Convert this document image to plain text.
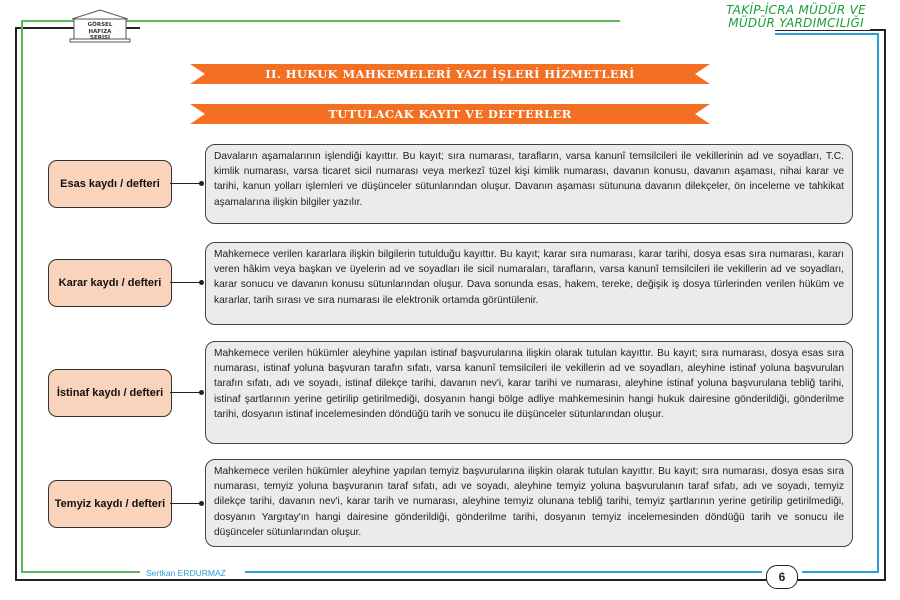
GÖRSEL
HAFIZA
SERİSİ
TAKİP-İCRA MÜDÜR VE
MÜDÜR YARDIMCILIĞI
II. HUKUK MAHKEMELERİ YAZI İŞLERİ HİZMETLERİ
TUTULACAK KAYIT VE DEFTERLER
Esas kaydı / defteri
Davaların aşamalarının işlendiği kayıttır. Bu kayıt; sıra numarası, tarafların, varsa kanunî temsilcileri ile vekillerinin ad ve soyadları, T.C. kimlik numarası, varsa ticaret sicil numarası veya merkezî tüzel kişi kimlik numarası, davanın konusu, davanın aşaması, nihai karar ve tarihi, kanun yolları işlemleri ve düşünceler sütunlarından oluşur. Davanın aşaması sütununa davanın dilekçeler, ön inceleme ve tahkikat aşamalarına ilişkin bilgiler yazılır.
Karar kaydı / defteri
Mahkemece verilen kararlara ilişkin bilgilerin tutulduğu kayıttır. Bu kayıt; karar sıra numarası, karar tarihi, dosya esas sıra numarası, kararı veren hâkim veya başkan ve üyelerin ad ve soyadları ile sicil numaraları, tarafların, varsa kanunî temsilcileri ile vekillerin ad ve soyadları, karar sonucu ve davanın konusu sütunlarından oluşur. Dava sonunda esas, hakem, tereke, değişik iş dosya türlerinden verilen hüküm ve kararlar, tarih sırası ve sıra numarası ile elektronik ortamda görüntülenir.
İstinaf kaydı / defteri
Mahkemece verilen hükümler aleyhine yapılan istinaf başvurularına ilişkin olarak tutulan kayıttır. Bu kayıt; sıra numarası, dosya esas sıra numarası, istinaf yoluna başvuran tarafın sıfatı, varsa kanunî temsilcileri ile vekillerin ad ve soyadları, aleyhine istinaf yoluna başvurulan tarafın sıfatı, adı ve soyadı, istinaf dilekçe tarihi, davanın nev'i, karar tarihi ve numarası, aleyhine istinaf yoluna başvurulana tebliğ tarihi, istinaf şartlarının yerine getirilip getirilmediği, dosyanın hangi bölge adliye mahkemesinin hangi hukuk dairesine gönderildiği, gönderilme tarihi, dosyanın istinaf incelemesinden döndüğü tarih ve sonucu ile düşünceler sütunlarından oluşur.
Temyiz kaydı / defteri
Mahkemece verilen hükümler aleyhine yapılan temyiz başvurularına ilişkin olarak tutulan kayıttır. Bu kayıt; sıra numarası, dosya esas sıra numarası, temyiz yoluna başvuranın taraf sıfatı, adı ve soyadı, aleyhine temyiz yoluna başvurulanın taraf sıfatı, adı ve soyadı, temyiz dilekçe tarihi, davanın nev'i, karar tarih ve numarası, aleyhine temyiz olunana tebliğ tarihi, temyiz şartlarının yerine getirilip getirilmediği, dosyanın Yargıtay'ın hangi dairesine gönderildiği, gönderilme tarihi, dosyanın temyiz incelemesinden döndüğü tarih ve sonucu ile düşünceler sütunlarından oluşur.
Sertkan ERDURMAZ	6
